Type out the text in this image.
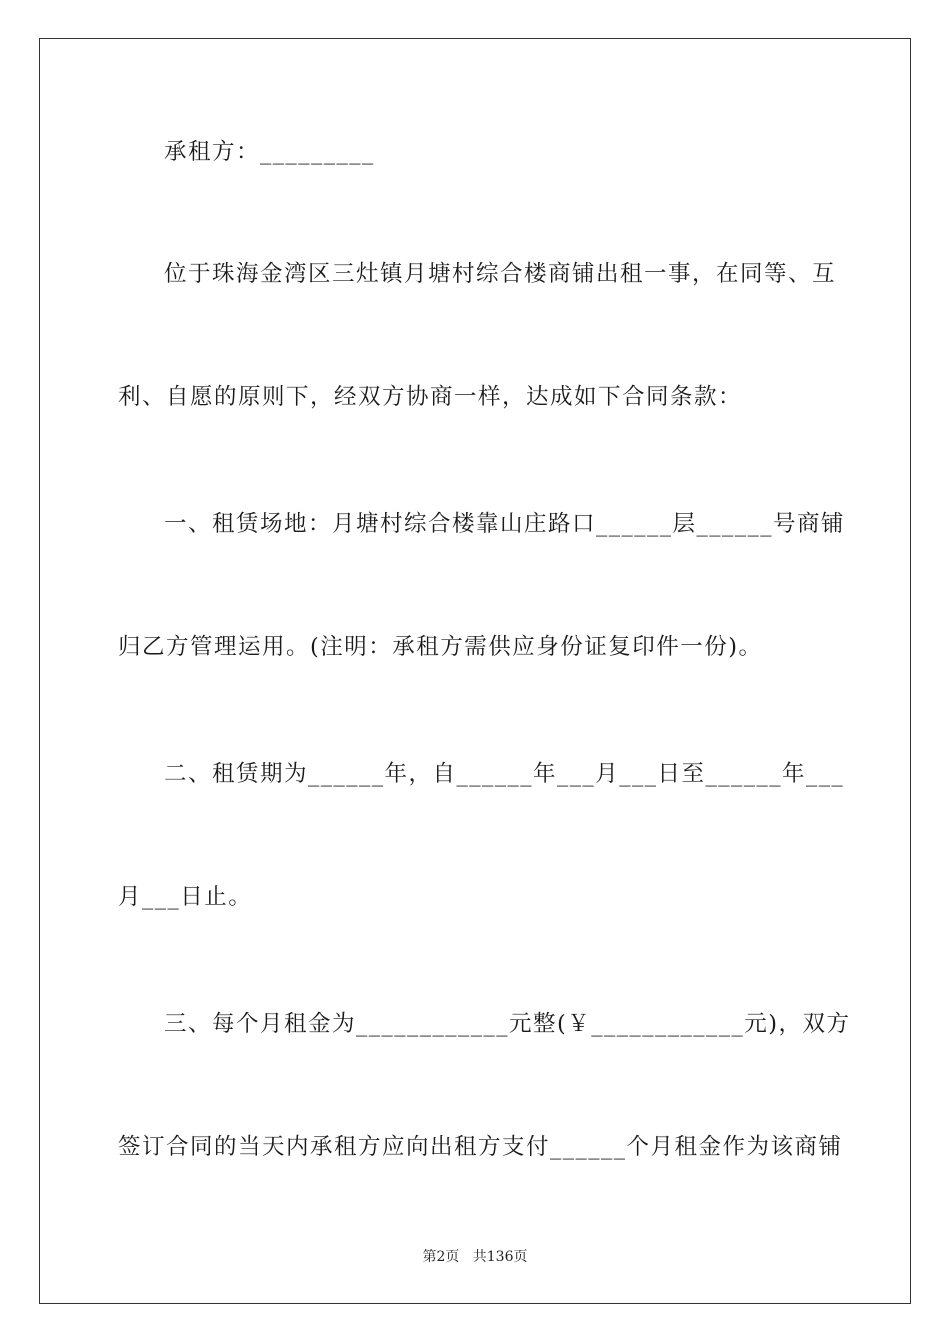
承租方：_________
位于珠海金湾区三灶镇月塘村综合楼商铺出租一事，在同等、互
利、自愿的原则下，经双方协商一样，达成如下合同条款：
一、租赁场地：月塘村综合楼靠山庄路口______层______号商铺
归乙方管理运用。(注明：承租方需供应身份证复印件一份)。
二、租赁期为______年，自______年___月___日至______年___
月___日止。
三、每个月租金为____________元整(￥____________元)，双方
签订合同的当天内承租方应向出租方支付______个月租金作为该商铺
第2页 共136页
